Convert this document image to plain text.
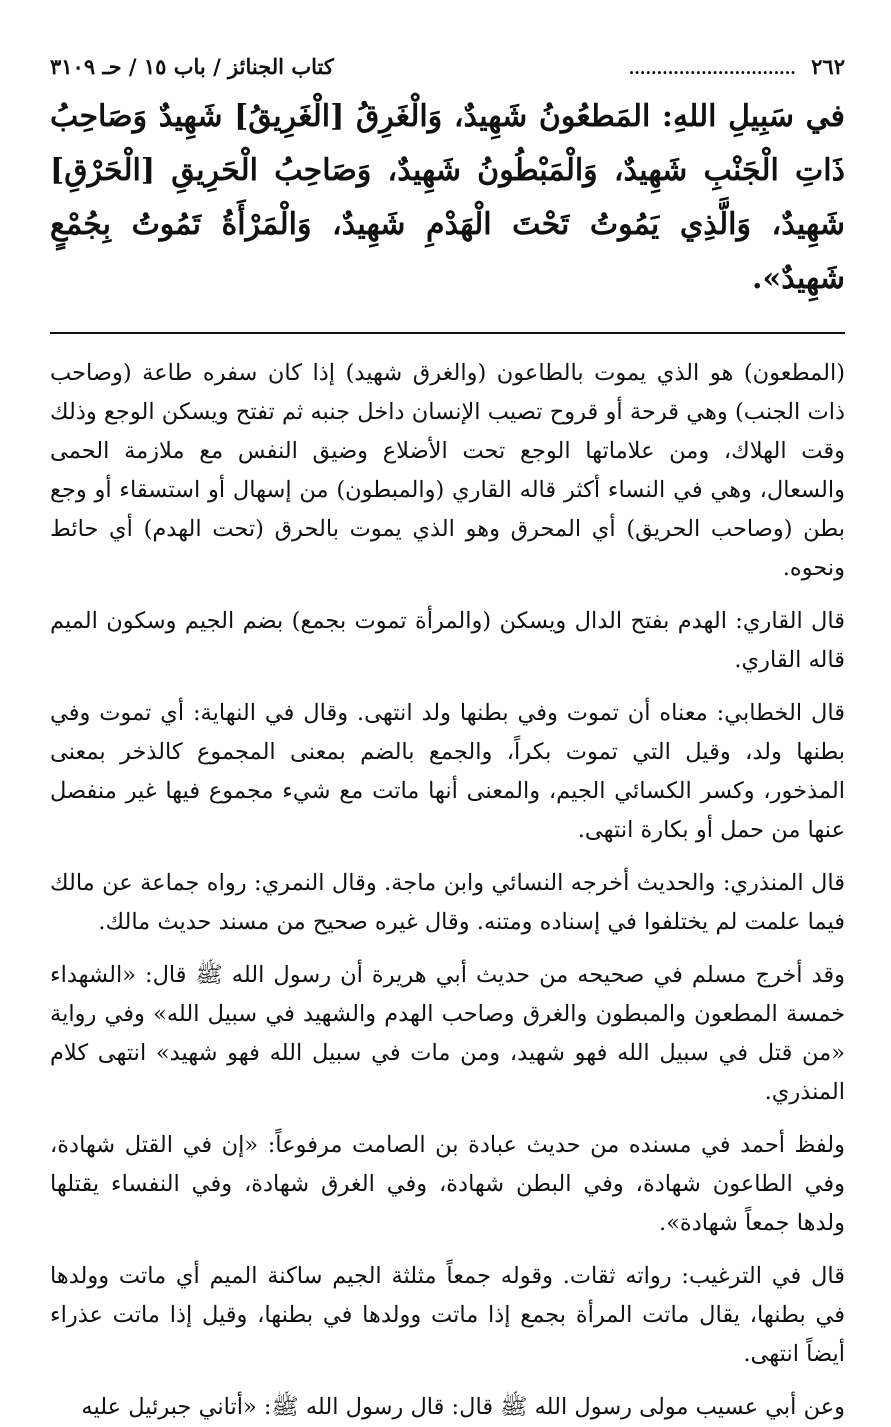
٢٦٢ ..............................
كتاب الجنائز / باب ١٥ / حـ ٣١٠٩
في سَبِيلِ اللهِ: المَطعُونُ شَهِيدٌ، وَالْغَرِقُ [الْغَرِيقُ] شَهِيدٌ وَصَاحِبُ ذَاتِ الْجَنْبِ شَهِيدٌ، وَالْمَبْطُونُ شَهِيدٌ، وَصَاحِبُ الْحَرِيقِ [الْحَرْقِ] شَهِيدٌ، وَالَّذِي يَمُوتُ تَحْتَ الْهَدْمِ شَهِيدٌ، وَالْمَرْأَةُ تَمُوتُ بِجُمْعٍ شَهِيدٌ».

(المطعون) هو الذي يموت بالطاعون (والغرق شهيد) إذا كان سفره طاعة (وصاحب ذات الجنب) وهي قرحة أو قروح تصيب الإنسان داخل جنبه ثم تفتح ويسكن الوجع وذلك وقت الهلاك، ومن علاماتها الوجع تحت الأضلاع وضيق النفس مع ملازمة الحمى والسعال، وهي في النساء أكثر قاله القاري (والمبطون) من إسهال أو استسقاء أو وجع بطن (وصاحب الحريق) أي المحرق وهو الذي يموت بالحرق (تحت الهدم) أي حائط ونحوه.

قال القاري: الهدم بفتح الدال ويسكن (والمرأة تموت بجمع) بضم الجيم وسكون الميم قاله القاري.

قال الخطابي: معناه أن تموت وفي بطنها ولد انتهى. وقال في النهاية: أي تموت وفي بطنها ولد، وقيل التي تموت بكراً، والجمع بالضم بمعنى المجموع كالذخر بمعنى المذخور، وكسر الكسائي الجيم، والمعنى أنها ماتت مع شيء مجموع فيها غير منفصل عنها من حمل أو بكارة انتهى.

قال المنذري: والحديث أخرجه النسائي وابن ماجة. وقال النمري: رواه جماعة عن مالك فيما علمت لم يختلفوا في إسناده ومتنه. وقال غيره صحيح من مسند حديث مالك.

وقد أخرج مسلم في صحيحه من حديث أبي هريرة أن رسول الله ﷺ قال: «الشهداء خمسة المطعون والمبطون والغرق وصاحب الهدم والشهيد في سبيل الله» وفي رواية «من قتل في سبيل الله فهو شهيد، ومن مات في سبيل الله فهو شهيد» انتهى كلام المنذري.

ولفظ أحمد في مسنده من حديث عبادة بن الصامت مرفوعاً: «إن في القتل شهادة، وفي الطاعون شهادة، وفي البطن شهادة، وفي الغرق شهادة، وفي النفساء يقتلها ولدها جمعاً شهادة».

قال في الترغيب: رواته ثقات. وقوله جمعاً مثلثة الجيم ساكنة الميم أي ماتت وولدها في بطنها، يقال ماتت المرأة بجمع إذا ماتت وولدها في بطنها، وقيل إذا ماتت عذراء أيضاً انتهى.

وعن أبي عسيب مولى رسول الله ﷺ قال: قال رسول الله ﷺ: «أتاني جبرئيل عليه
